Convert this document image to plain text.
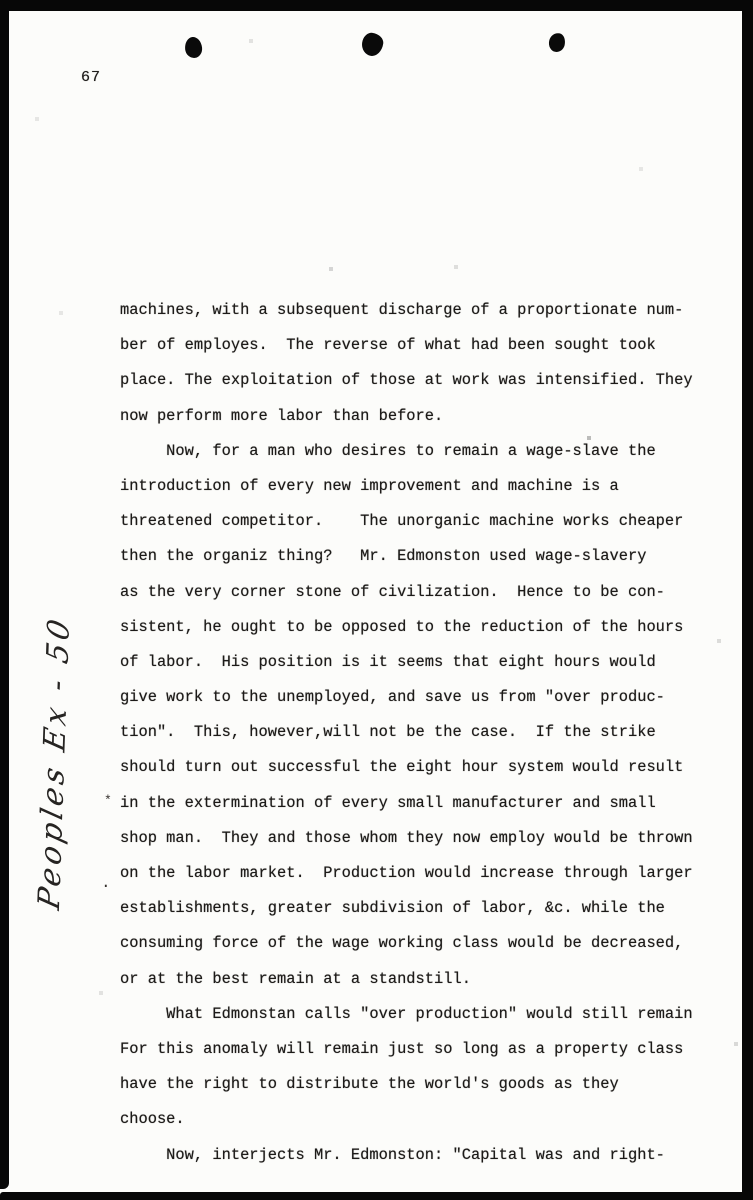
67
Peoples Ex - 50 *
.
machines, with a subsequent discharge of a proportionate num-
ber of employes.  The reverse of what had been sought took
place. The exploitation of those at work was intensified. They
now perform more labor than before.
Now, for a man who desires to remain a wage-slave the
introduction of every new improvement and machine is a
threatened competitor.    The unorganic machine works cheaper
then the organiz thing?   Mr. Edmonston used wage-slavery
as the very corner stone of civilization.  Hence to be con-
sistent, he ought to be opposed to the reduction of the hours
of labor.  His position is it seems that eight hours would
give work to the unemployed, and save us from "over produc-
tion".  This, however,will not be the case.  If the strike
should turn out successful the eight hour system would result
in the extermination of every small manufacturer and small
shop man.  They and those whom they now employ would be thrown
on the labor market.  Production would increase through larger
establishments, greater subdivision of labor, &c. while the
consuming force of the wage working class would be decreased,
or at the best remain at a standstill.
What Edmonstan calls "over production" would still remain
For this anomaly will remain just so long as a property class
have the right to distribute the world's goods as they
choose.
Now, interjects Mr. Edmonston: "Capital was and right-
